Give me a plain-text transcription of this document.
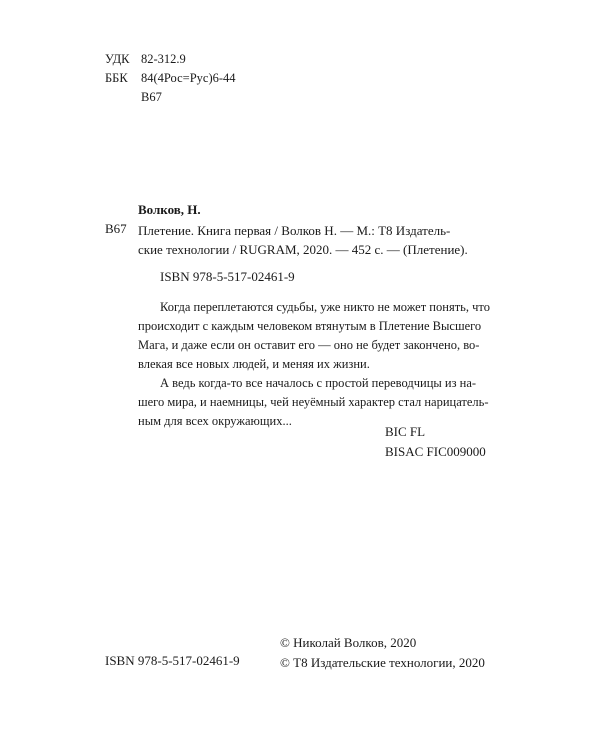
УДК 82-312.9
ББК	84(4Рос=Рус)6-44
В67
Волков, Н.
В67 Плетение. Книга первая / Волков Н. — М.: Т8 Издатель-
ские технологии / RUGRAM, 2020. — 452 с. — (Плетение).
ISBN 978-5-517-02461-9
Когда переплетаются судьбы, уже никто не может понять, что
происходит с каждым человеком втянутым в Плетение Высшего
Мага, и даже если он оставит его — оно не будет закончено, во-
влекая все новых людей, и меняя их жизни.
А ведь когда-то все началось с простой переводчицы из на-
шего мира, и наемницы, чей неуёмный характер стал нарицатель-
ным для всех окружающих...
BIC FL
BISAC FIC009000
© Николай Волков, 2020
© Т8 Издательские технологии, 2020
ISBN 978-5-517-02461-9
